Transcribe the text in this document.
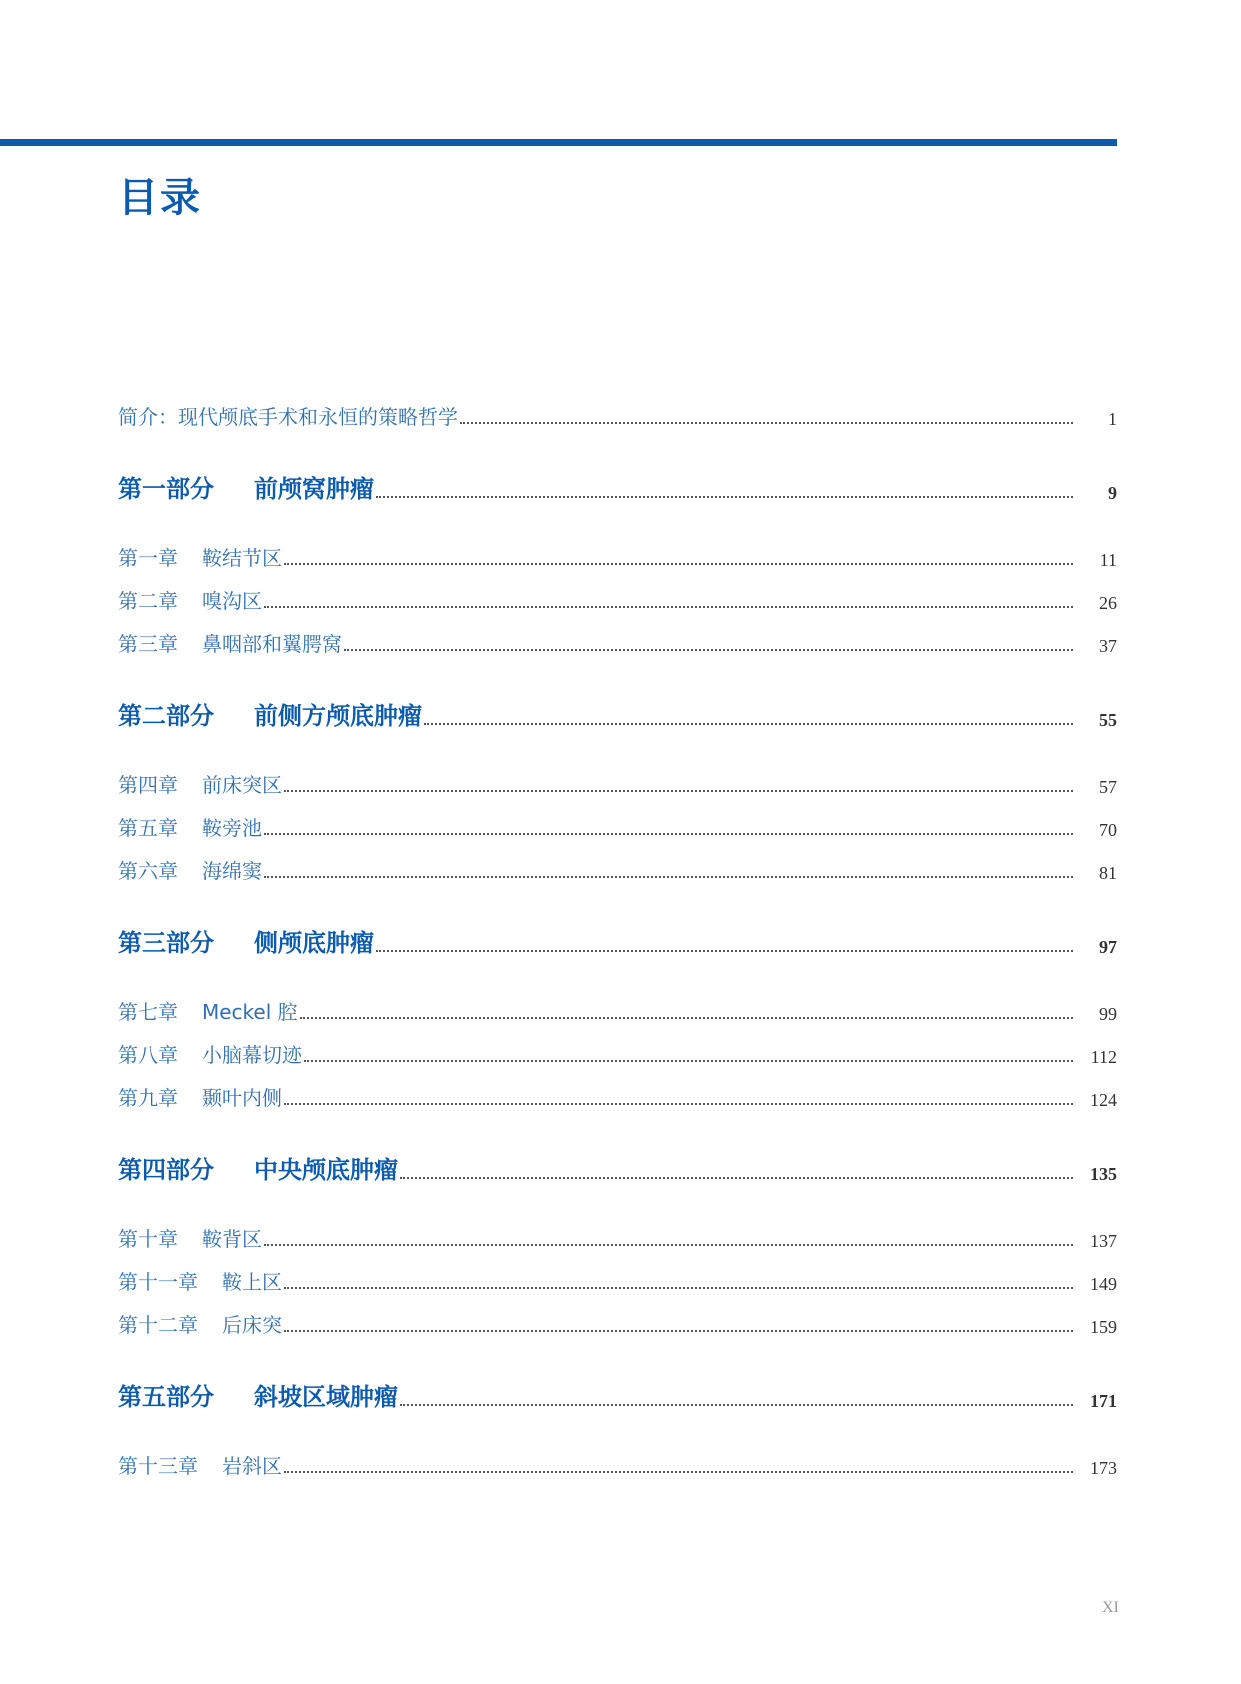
目录
简介：现代颅底手术和永恒的策略哲学	1
第一部分	前颅窝肿瘤	9
第一章	鞍结节区	11
第二章	嗅沟区	26
第三章	鼻咽部和翼腭窝	37
第二部分	前侧方颅底肿瘤	55
第四章	前床突区	57
第五章	鞍旁池	70
第六章	海绵窦	81
第三部分	侧颅底肿瘤	97
第七章	Meckel 腔	99
第八章	小脑幕切迹	112
第九章	颞叶内侧	124
第四部分	中央颅底肿瘤	135
第十章	鞍背区	137
第十一章	鞍上区	149
第十二章	后床突	159
第五部分	斜坡区域肿瘤	171
第十三章	岩斜区	173
XI
